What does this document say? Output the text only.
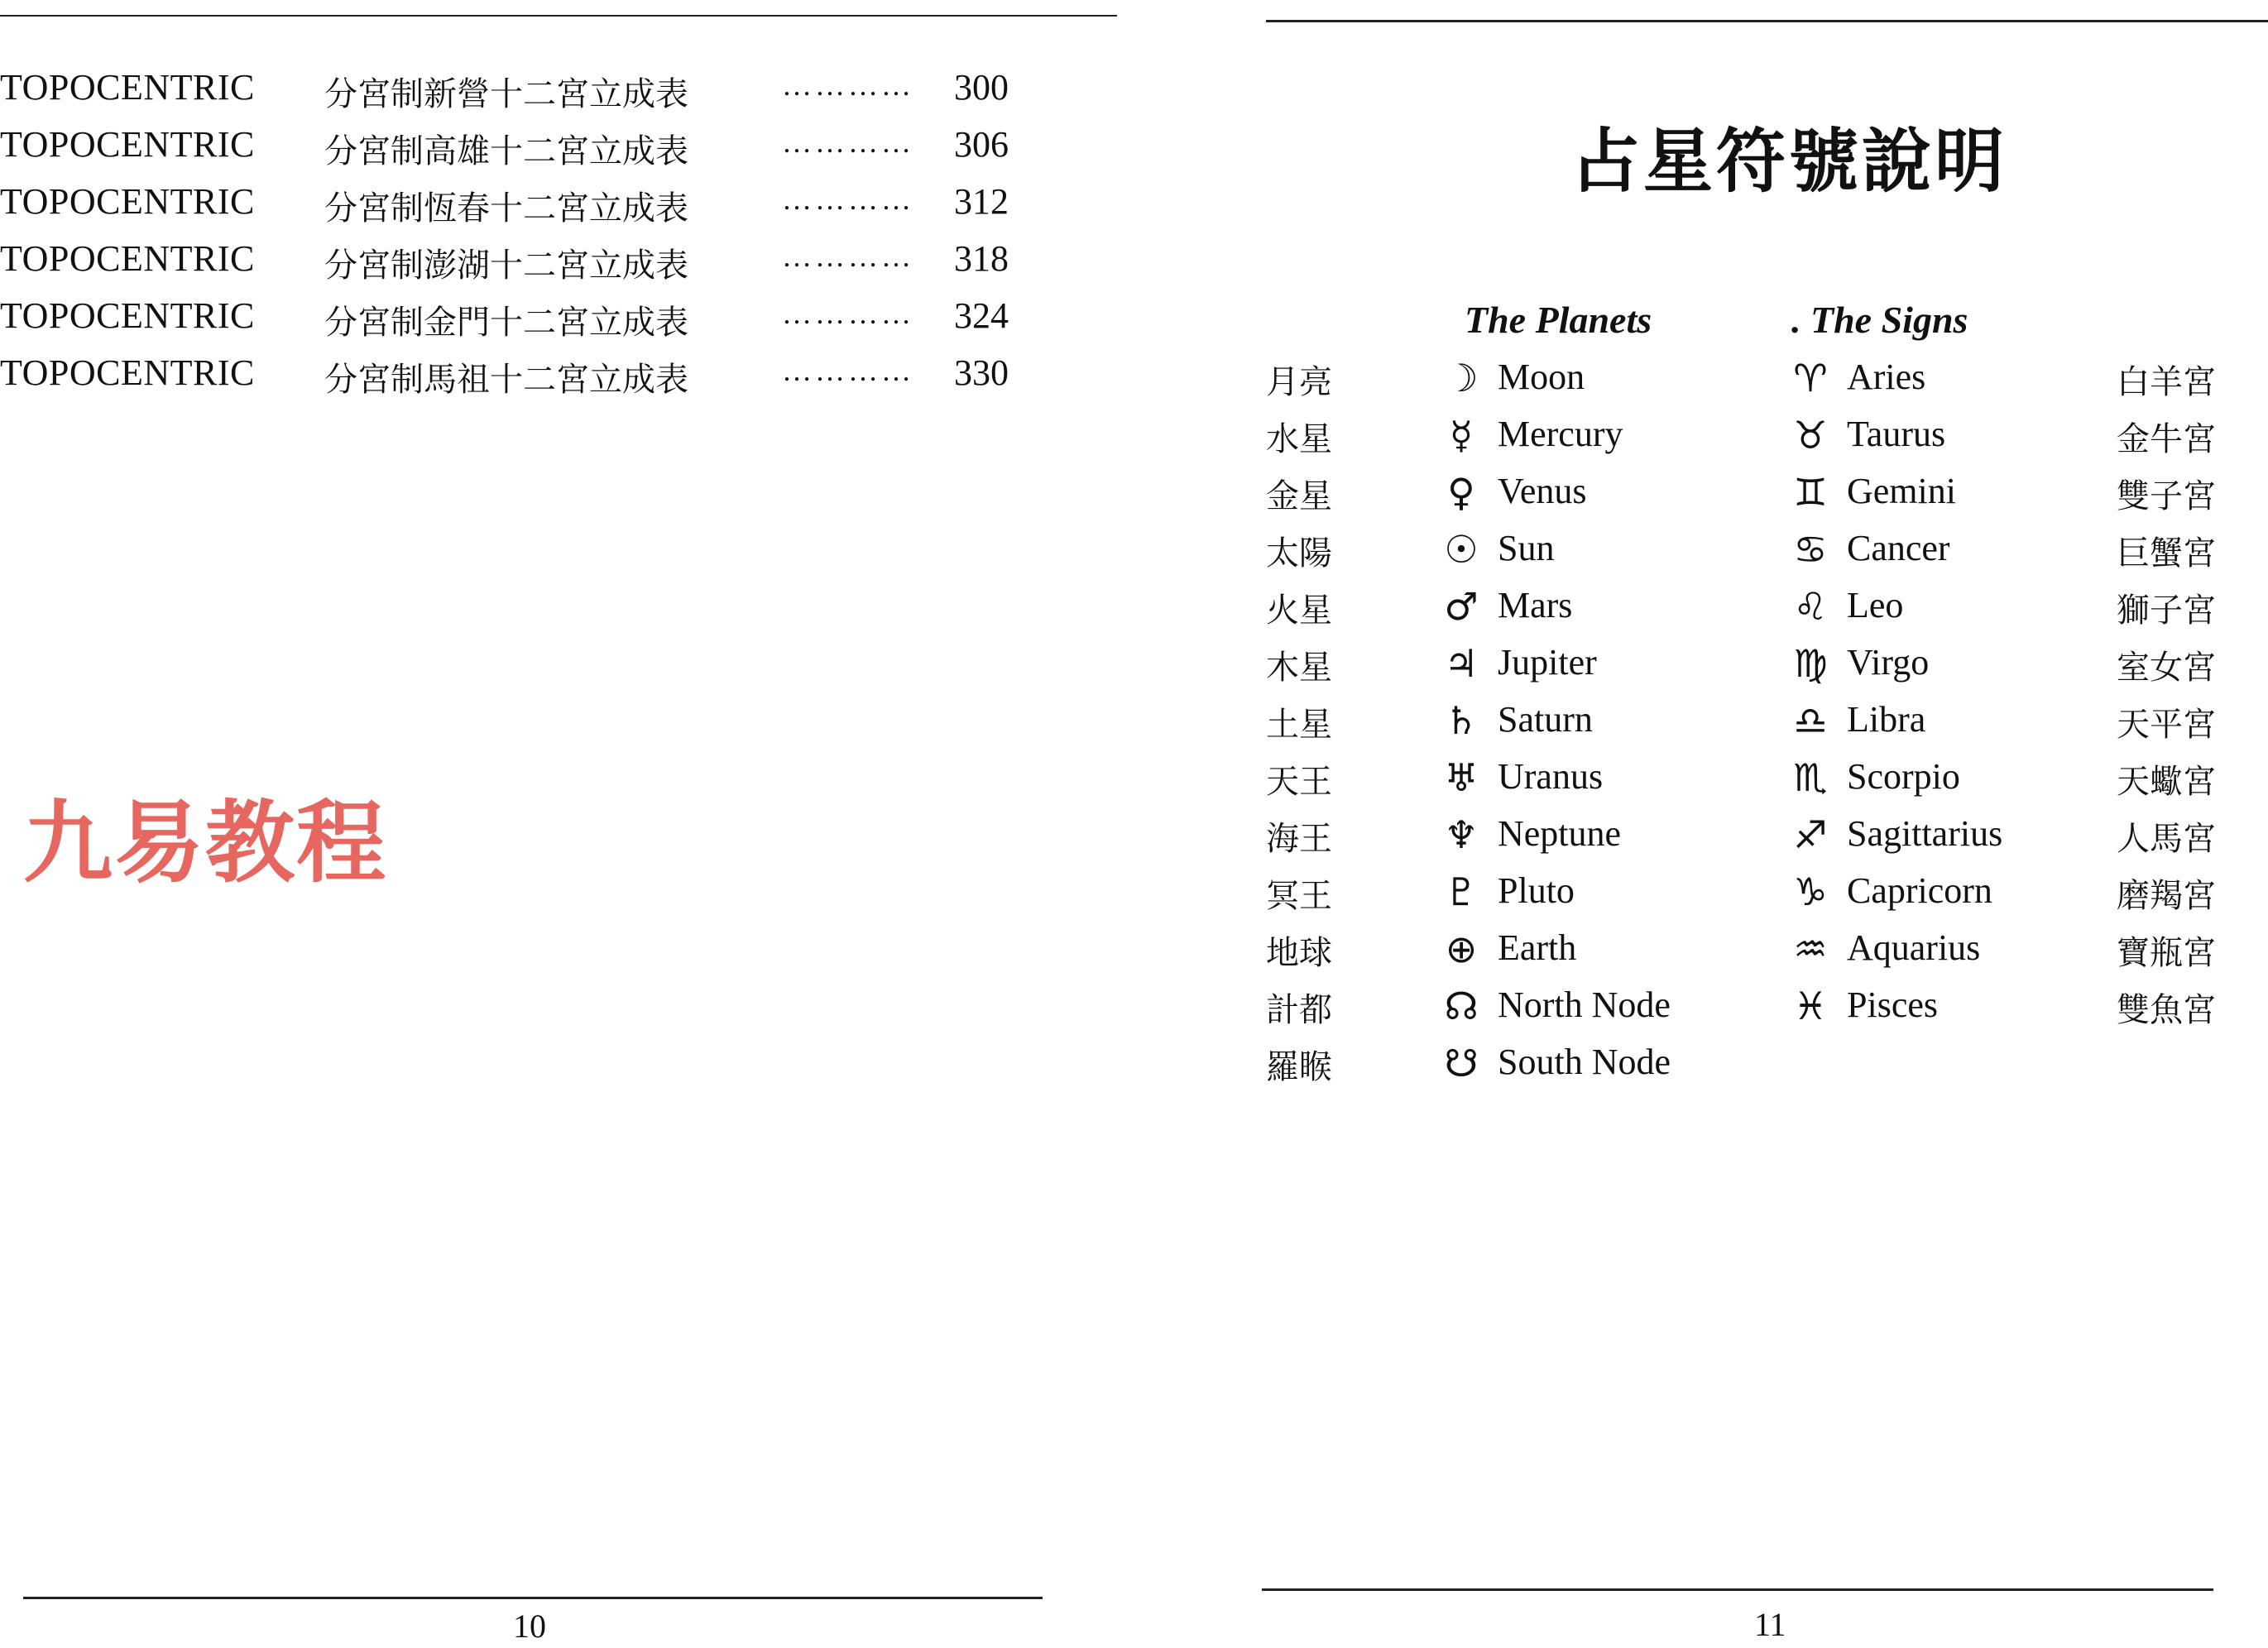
TOPOCENTRIC 分宮制新營十二宮立成表	………… 300
TOPOCENTRIC 分宮制高雄十二宮立成表	………… 306
TOPOCENTRIC 分宮制恆春十二宮立成表	………… 312
TOPOCENTRIC 分宮制澎湖十二宮立成表	………… 318
TOPOCENTRIC 分宮制金門十二宮立成表	………… 324
TOPOCENTRIC 分宮制馬祖十二宮立成表	………… 330
九易教程
10
占星符號說明
The Planets	. The Signs
月亮	☽ Moon	♈ Aries	白羊宮
水星	☿ Mercury	♉ Taurus	金牛宮
金星	♀ Venus	♊ Gemini	雙子宮
太陽	☉ Sun	♋ Cancer	巨蟹宮
火星	♂ Mars	♌ Leo	獅子宮
木星	♃ Jupiter	♍ Virgo	室女宮
土星	♄ Saturn	♎ Libra	天平宮
天王	♅ Uranus	♏ Scorpio	天蠍宮
海王	♆ Neptune	♐ Sagittarius	人馬宮
冥王	♇ Pluto	♑ Capricorn	磨羯宮
地球	⊕ Earth	♒ Aquarius	寶瓶宮
計都	☊ North Node	♓ Pisces	雙魚宮
羅睺	☋ South Node
11
